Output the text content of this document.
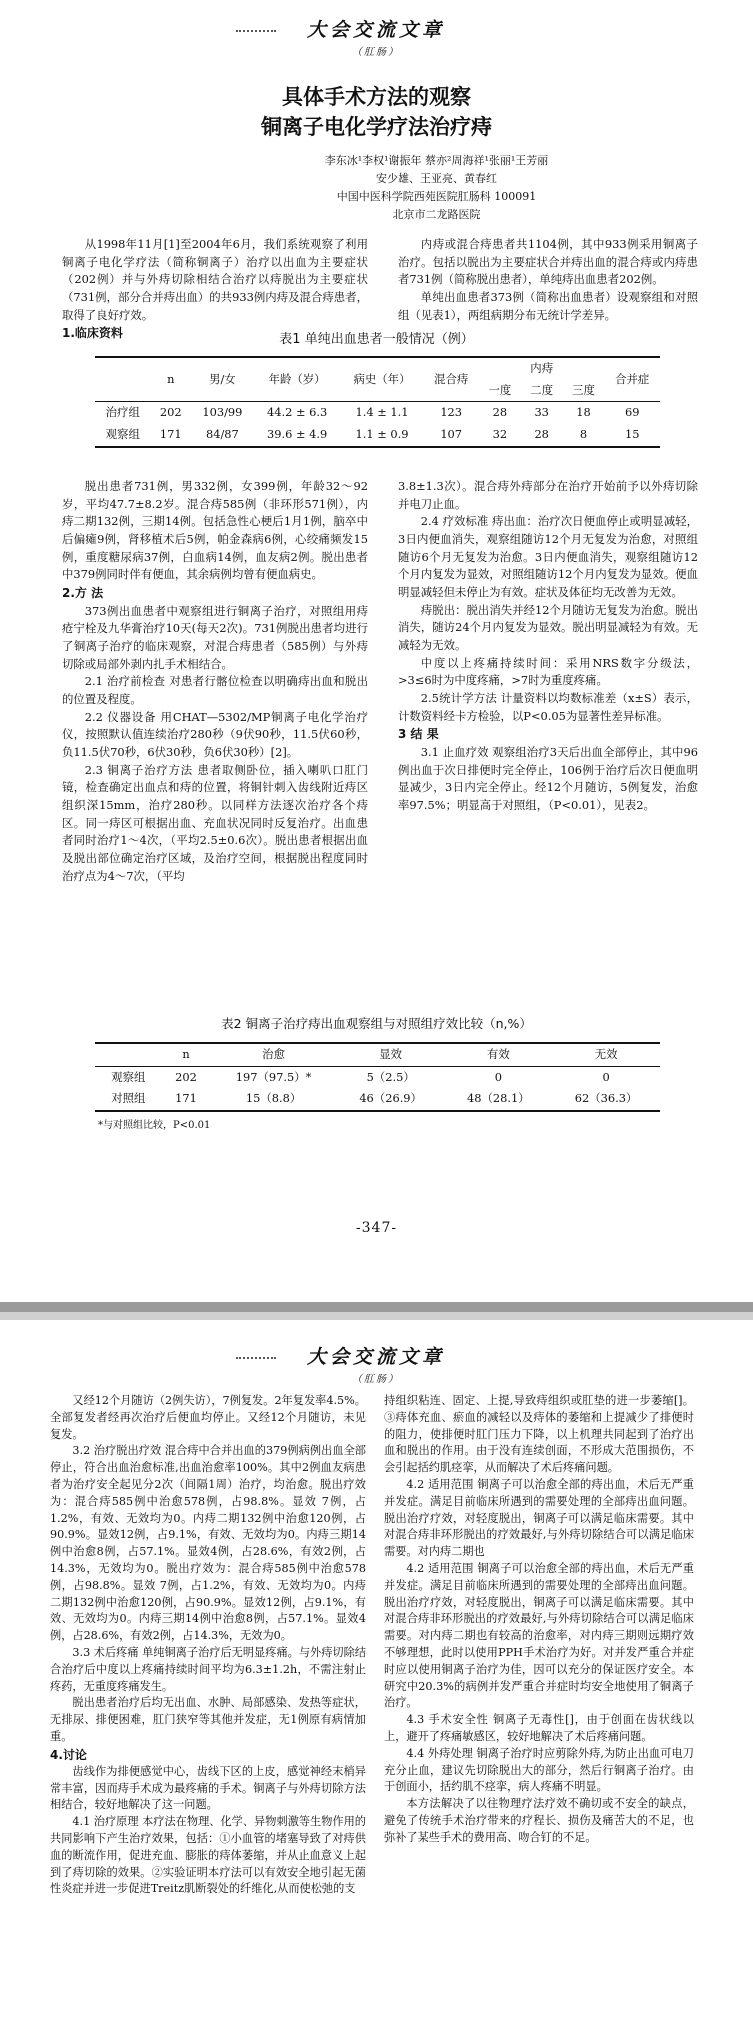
大会交流文章
（肛肠）
具体手术方法的观察
铜离子电化学疗法治疗痔
李东冰¹李权¹谢振年 蔡亦²周海祥¹张丽¹王芳丽
安少雄、王亚亮、黄春红
中国中医科学院西苑医院肛肠科 100091
北京市二龙路医院

从1998年11月[1]至2004年6月，我们系统观察了利用铜离子电化学疗法（简称铜离子）治疗以出血为主要症状（202例）并与外痔切除相结合治疗以痔脱出为主要症状（731例，部分合并痔出血）的共933例内痔及混合痔患者，取得了良好疗效。

1.临床资料

内痔或混合痔患者共1104例，其中933例采用铜离子治疗。包括以脱出为主要症状合并痔出血的混合痔或内痔患者731例（简称脱出患者），单纯痔出血患者202例。

单纯出血患者373例（简称出血患者）设观察组和对照组（见表1），两组病期分布无统计学差异。

表1 单纯出血患者一般情况（例）
	n	男/女	年龄（岁）	病史（年）	混合痔	内痔			合并症
						一度	二度	三度	
治疗组	202	103/99	44.2 ± 6.3	1.4 ± 1.1	123	28	33	18	69
观察组	171	84/87	39.6 ± 4.9	1.1 ± 0.9	107	32	28	8	15

脱出患者731例，男332例，女399例，年龄32～92岁，平均47.7±8.2岁。混合痔585例（非环形571例），内痔二期132例，三期14例。包括急性心梗后1月1例，脑卒中后偏瘫9例，肾移植术后5例，帕金森病6例，心绞痛频发15例，重度糖尿病37例，白血病14例，血友病2例。脱出患者中379例同时伴有便血，其余病例均曾有便血病史。

2.方 法

373例出血患者中观察组进行铜离子治疗，对照组用痔疮宁栓及九华膏治疗10天(每天2次)。731例脱出患者均进行了铜离子治疗的临床观察，对混合痔患者（585例）与外痔切除或局部外剥内扎手术相结合。

2.1 治疗前检查 对患者行髂位检查以明确痔出血和脱出的位置及程度。

2.2 仪器设备 用CHAT—5302/MP铜离子电化学治疗仪，按照默认值连续治疗280秒（9伏90秒，11.5伏60秒，负11.5伏70秒，6伏30秒，负6伏30秒）[2]。

2.3 铜离子治疗方法 患者取侧卧位，插入喇叭口肛门镜，检查确定出血点和痔的位置，将铜针刺入齿线附近痔区组织深15mm，治疗280秒。以同样方法逐次治疗各个痔区。同一痔区可根据出血、充血状况同时反复治疗。出血患者同时治疗1～4次，（平均2.5±0.6次）。脱出患者根据出血及脱出部位确定治疗区域，及治疗空间，根据脱出程度同时治疗点为4～7次，（平均

3.8±1.3次）。混合痔外痔部分在治疗开始前予以外痔切除并电刀止血。

2.4 疗效标准 痔出血：治疗次日便血停止或明显减轻，3日内便血消失，观察组随访12个月无复发为治愈，对照组随访6个月无复发为治愈。3日内便血消失，观察组随访12个月内复发为显效，对照组随访12个月内复发为显效。便血明显减轻但未停止为有效。症状及体征均无改善为无效。

痔脱出：脱出消失并经12个月随访无复发为治愈。脱出消失，随访24个月内复发为显效。脱出明显减轻为有效。无减轻为无效。

中度以上疼痛持续时间：采用NRS数字分级法， >3≤6时为中度疼痛，>7时为重度疼痛。

2.5统计学方法 计量资料以均数标准差（x±S）表示，计数资料经卡方检验，以P<0.05为显著性差异标准。

3 结 果

3.1 止血疗效 观察组治疗3天后出血全部停止，其中96例出血于次日排便时完全停止，106例于治疗后次日便血明显减少，3日内完全停止。经12个月随访，5例复发，治愈率97.5%；明显高于对照组，（P<0.01），见表2。

表2 铜离子治疗痔出血观察组与对照组疗效比较（n,%）
	n	治愈	显效	有效	无效
观察组	202	197（97.5）*	5（2.5）	0	0
对照组	171	15（8.8）	46（26.9）	48（28.1）	62（36.3）
*与对照组比较，P<0.01
-347-
大会交流文章
（肛肠）

又经12个月随访（2例失访），7例复发。2年复发率4.5%。全部复发者经再次治疗后便血均停止。又经12个月随访，未见复发。

3.2 治疗脱出疗效 混合痔中合并出血的379例病例出血全部停止，符合出血治愈标准,出血治愈率100%。其中2例血友病患者为治疗安全起见分2次（间隔1周）治疗，均治愈。脱出疗效为：混合痔585例中治愈578例，占98.8%。显效 7例，占1.2%，有效、无效均为0。内痔二期132例中治愈120例，占90.9%。显效12例，占9.1%，有效、无效均为0。内痔三期14例中治愈8例，占57.1%。显效4例，占28.6%，有效2例，占14.3%，无效均为0。脱出疗效为：混合痔585例中治愈578例，占98.8%。显效 7例，占1.2%，有效、无效均为0。内痔二期132例中治愈120例，占90.9%。显效12例，占9.1%，有效、无效均为0。内痔三期14例中治愈8例，占57.1%。显效4例，占28.6%，有效2例，占14.3%，无效为0。

3.3 术后疼痛 单纯铜离子治疗后无明显疼痛。与外痔切除结合治疗后中度以上疼痛持续时间平均为6.3±1.2h，不需注射止疼药，无重度疼痛发生。

脱出患者治疗后均无出血、水肿、局部感染、发热等症状，无排尿、排便困难，肛门狭窄等其他并发症，无1例原有病情加重。

4.讨论

齿线作为排便感觉中心，齿线下区的上皮，感觉神经末梢异常丰富，因而痔手术成为最疼痛的手术。铜离子与外痔切除方法相结合，较好地解决了这一问题。

4.1 治疗原理 本疗法在物理、化学、异物刺激等生物作用的共同影响下产生治疗效果，包括：①小血管的堵塞导致了对痔供血的断流作用，促进充血、膨胀的痔体萎缩，并从止血意义上起到了痔切除的效果。②实验证明本疗法可以有效安全地引起无菌性炎症并进一步促进Treitz肌断裂处的纤维化,从而使松弛的支

持组织粘连、固定、上提,导致痔组织或肛垫的进一步萎缩[]。③痔体充血、瘀血的减轻以及痔体的萎缩和上提减少了排便时的阻力，使排便时肛门压力下降，以上机理共同起到了治疗出血和脱出的作用。由于没有连续创面，不形成大范围损伤，不会引起括约肌痉挛，从而解决了术后疼痛问题。

4.2 适用范围 铜离子可以治愈全部的痔出血，术后无严重并发症。满足目前临床所遇到的需要处理的全部痔出血问题。脱出治疗疗效，对轻度脱出，铜离子可以满足临床需要。其中对混合痔非环形脱出的疗效最好,与外痔切除结合可以满足临床需要。对内痔二期也

4.2 适用范围 铜离子可以治愈全部的痔出血，术后无严重并发症。满足目前临床所遇到的需要处理的全部痔出血问题。脱出治疗疗效，对轻度脱出，铜离子可以满足临床需要。其中对混合痔非环形脱出的疗效最好,与外痔切除结合可以满足临床需要。对内痔二期也有较高的治愈率，对内痔三期则远期疗效不够理想，此时以使用PPH手术治疗为好。对并发严重合并症时应以使用铜离子治疗为佳，因可以充分的保证医疗安全。本研究中20.3%的病例并发严重合并症时均安全地使用了铜离子治疗。

4.3 手术安全性 铜离子无毒性[]，由于创面在齿状线以上，避开了疼痛敏感区，较好地解决了术后疼痛问题。

4.4 外痔处理 铜离子治疗时应剪除外痔,为防止出血可电刀充分止血，建议先切除脱出大的部分，然后行铜离子治疗。由于创面小，括约肌不痉挛，病人疼痛不明显。

本方法解决了以往物理疗法疗效不确切或不安全的缺点，避免了传统手术治疗带来的疗程长、损伤及痛苦大的不足，也弥补了某些手术的费用高、吻合钉的不足。
